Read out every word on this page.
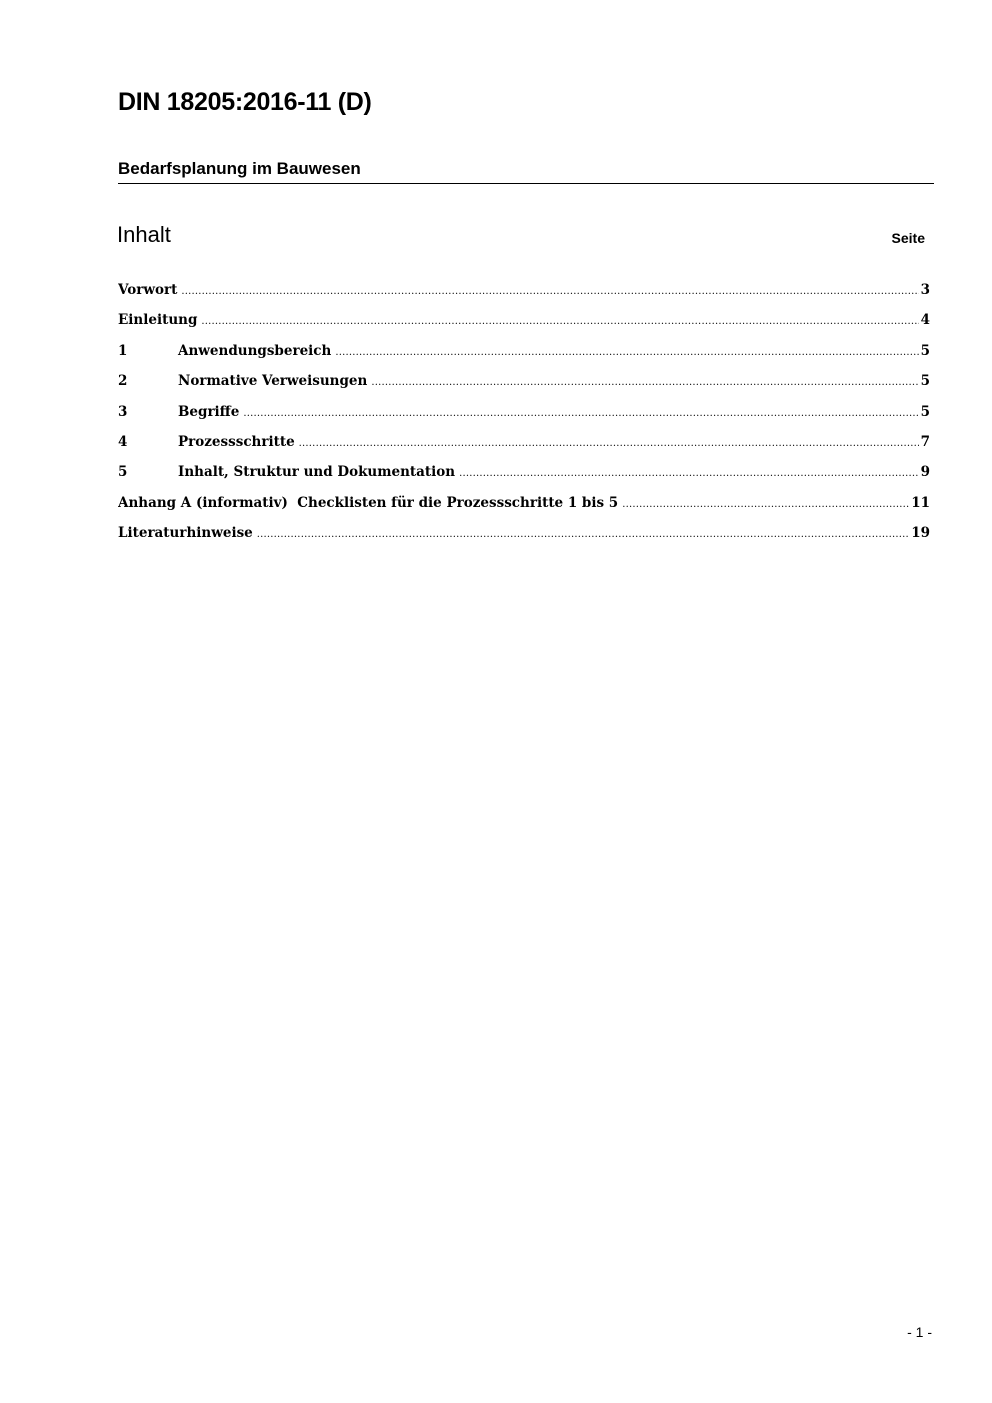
DIN 18205:2016-11 (D)
Bedarfsplanung im Bauwesen
Inhalt	Seite
Vorwort .....	3
Einleitung .....	4
1	Anwendungsbereich .....	5
2	Normative Verweisungen .....	5
3	Begriffe .....	5
4	Prozessschritte .....	7
5	Inhalt, Struktur und Dokumentation .....	9
Anhang A (informativ)  Checklisten für die Prozessschritte 1 bis 5 .....	11
Literaturhinweise .....	19
- 1 -
